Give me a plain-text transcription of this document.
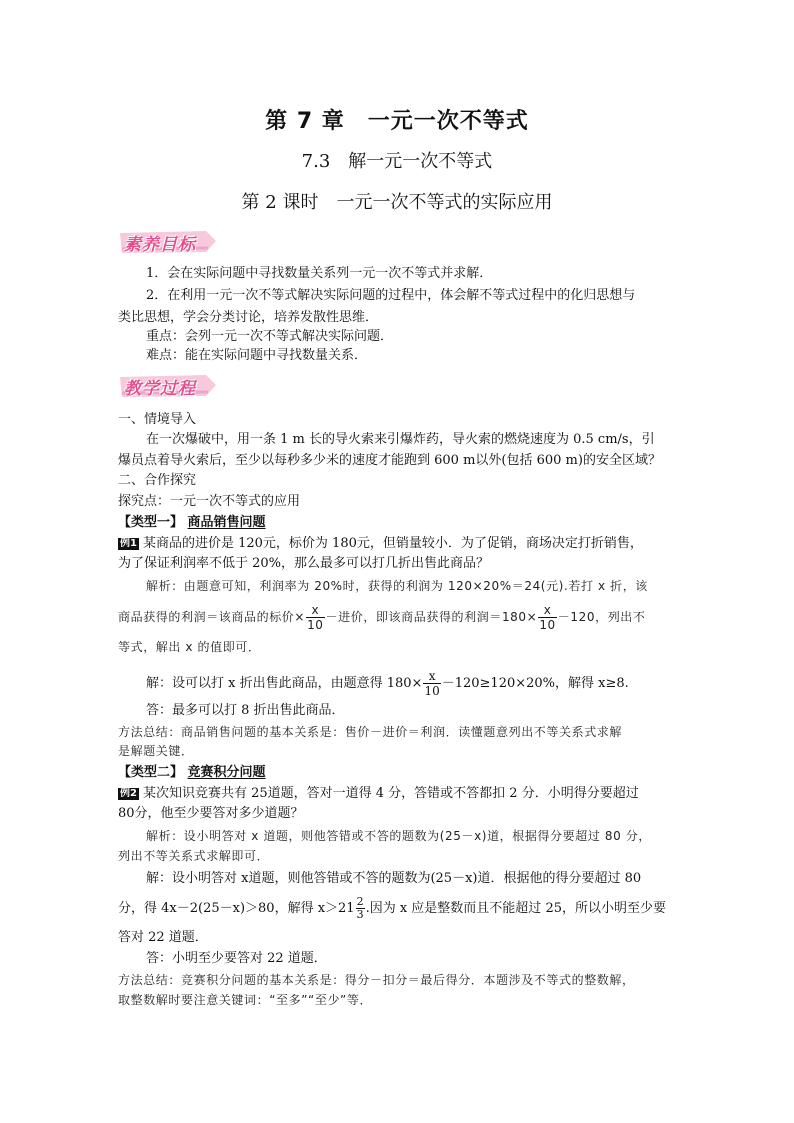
第 7 章　一元一次不等式
7.3　解一元一次不等式
第 2 课时　一元一次不等式的实际应用
素养目标
1．会在实际问题中寻找数量关系列一元一次不等式并求解．
2．在利用一元一次不等式解决实际问题的过程中，体会解不等式过程中的化归思想与
类比思想，学会分类讨论，培养发散性思维．
重点：会列一元一次不等式解决实际问题．
难点：能在实际问题中寻找数量关系．
教学过程
一、情境导入
在一次爆破中，用一条 1 m 长的导火索来引爆炸药，导火索的燃烧速度为 0.5 cm/s，引
爆员点着导火索后，至少以每秒多少米的速度才能跑到 600 m以外(包括 600 m)的安全区域？
二、合作探究
探究点：一元一次不等式的应用
【类型一】 商品销售问题
例1 某商品的进价是 120元，标价为 180元，但销量较小．为了促销，商场决定打折销售，
为了保证利润率不低于 20%，那么最多可以打几折出售此商品？
解析：由题意可知，利润率为 20%时，获得的利润为 120×20%＝24(元).若打 x 折，该
商品获得的利润＝该商品的标价× $\frac{x}{10}$ －进价，即该商品获得的利润$=180\times \frac{x}{10} -120$，列出不
等式，解出 x 的值即可．
解：设可以打 x 折出售此商品，由题意得 $180\times \frac{x}{10} -120\ge 120\times 20\%$，解得 x≥8.
答：最多可以打 8 折出售此商品．
方法总结：商品销售问题的基本关系是：售价－进价＝利润．读懂题意列出不等关系式求解
是解题关键．
【类型二】 竞赛积分问题
例2 某次知识竞赛共有 25道题，答对一道得 4 分，答错或不答都扣 2 分．小明得分要超过
80分，他至少要答对多少道题？
解析：设小明答对 x 道题，则他答错或不答的题数为(25－x)道，根据得分要超过 80 分，
列出不等关系式求解即可．
解：设小明答对 x道题，则他答错或不答的题数为(25－x)道．根据他的得分要超过 80
分，得 4x－2(25－x)＞80，解得 $x>21 \frac{2}{3}$ .因为 x 应是整数而且不能超过 25，所以小明至少要
答对 22 道题．
答：小明至少要答对 22 道题．
方法总结：竞赛积分问题的基本关系是：得分－扣分＝最后得分．本题涉及不等式的整数解，
取整数解时要注意关键词：“至多”“至少”等．
